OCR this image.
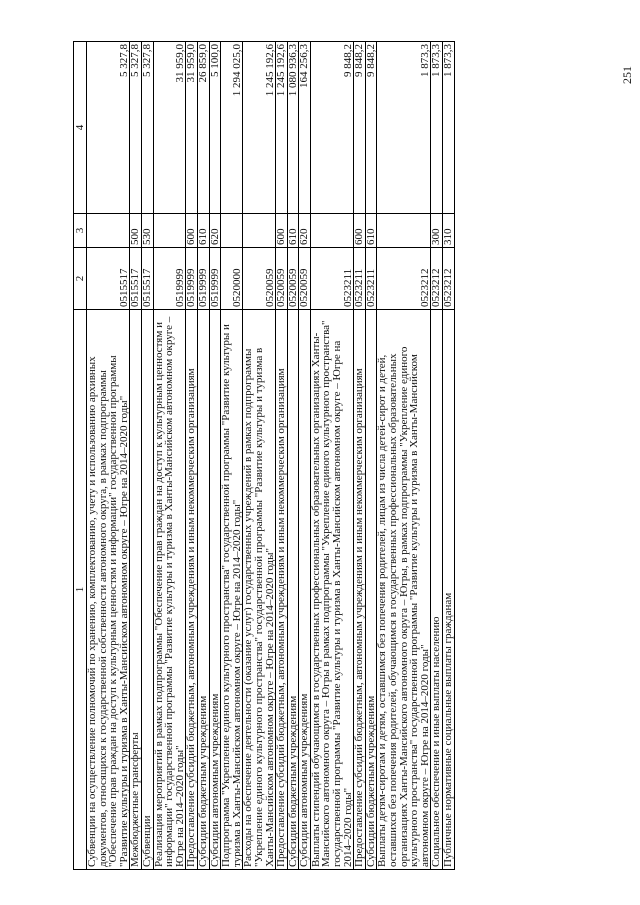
251
1	2	3	4
Субвенции на осуществление полномочий по хранению, комплектованию, учету и использованию архивных документов, относящихся к государственной собственности автономного округа, в рамках подпрограммы "Обеспечение прав граждан на доступ к культурным ценностям и информации" государственной программы "Развитие культуры и туризма в Ханты-Мансийском автономном округе – Югре на 2014–2020 годы"	0515517		5 327,8
Межбюджетные трансферты	0515517	500	5 327,8
Субвенции	0515517	530	5 327,8
Реализация мероприятий в рамках подпрограммы "Обеспечение прав граждан на доступ к культурным ценностям и информации" государственной программы "Развитие культуры и туризма в Ханты-Мансийском автономном округе – Югре на 2014–2020 годы"	0519999		31 959,0
Предоставление субсидий бюджетным, автономным учреждениям и иным некоммерческим организациям	0519999	600	31 959,0
Субсидии бюджетным учреждениям	0519999	610	26 859,0
Субсидии автономным учреждениям	0519999	620	5 100,0
Подпрограмма "Укрепление единого культурного пространства" государственной программы "Развитие культуры и туризма в Ханты-Мансийском автономном округе – Югре на 2014–2020 годы"	0520000		1 294 025,0
Расходы на обеспечение деятельности (оказание услуг) государственных учреждений в рамках подпрограммы "Укрепление единого культурного пространства" государственной программы "Развитие культуры и туризма в Ханты-Мансийском автономном округе – Югре на 2014–2020 годы"	0520059		1 245 192,6
Предоставление субсидий бюджетным, автономным учреждениям и иным некоммерческим организациям	0520059	600	1 245 192,6
Субсидии бюджетным учреждениям	0520059	610	1 080 936,3
Субсидии автономным учреждениям	0520059	620	164 256,3
Выплаты стипендий обучающимся в государственных профессиональных образовательных организациях Ханты-Мансийского автономного округа – Югры в рамках подпрограммы "Укрепление единого культурного пространства" государственной программы "Развитие культуры и туризма в Ханты-Мансийском автономном округе – Югре на 2014–2020 годы"	0523211		9 848,2
Предоставление субсидий бюджетным, автономным учреждениям и иным некоммерческим организациям	0523211	600	9 848,2
Субсидии бюджетным учреждениям	0523211	610	9 848,2
Выплаты детям-сиротам и детям, оставшимся без попечения родителей, лицам из числа детей-сирот и детей, оставшихся без попечения родителей, обучающимся в государственных профессиональных образовательных организациях Ханты-Мансийского автономного округа – Югры, в рамках подпрограммы "Укрепление единого культурного пространства" государственной программы "Развитие культуры и туризма в Ханты-Мансийском автономном округе – Югре на 2014–2020 годы"	0523212		1 873,3
Социальное обеспечение и иные выплаты населению	0523212	300	1 873,3
Публичные нормативные социальные выплаты гражданам	0523212	310	1 873,3
